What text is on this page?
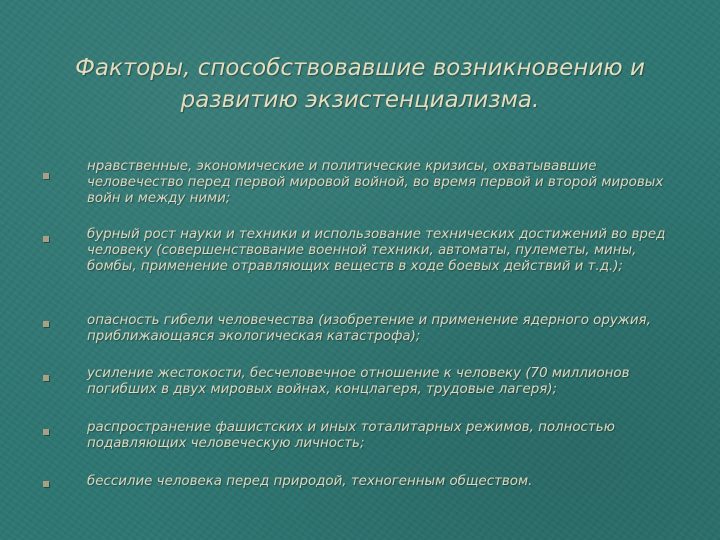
Факторы, способствовавшие возникновению и
развитию экзистенциализма.
нравственные, экономические и политические кризисы, охватывавшие человечество перед первой мировой войной, во время первой и второй мировых войн и между ними;
бурный рост науки и техники и использование технических достижений во вред человеку (совершенствование военной техники, автоматы, пулеметы, мины, бомбы, применение отравляющих веществ в ходе боевых действий и т.д.);
опасность гибели человечества (изобретение и применение ядерного оружия, приближающаяся экологическая катастрофа);
усиление жестокости, бесчеловечное отношение к человеку (70 миллионов погибших в двух мировых войнах, концлагеря, трудовые лагеря);
распространение фашистских и иных тоталитарных режимов, полностью подавляющих человеческую личность;
бессилие человека перед природой, техногенным обществом.
